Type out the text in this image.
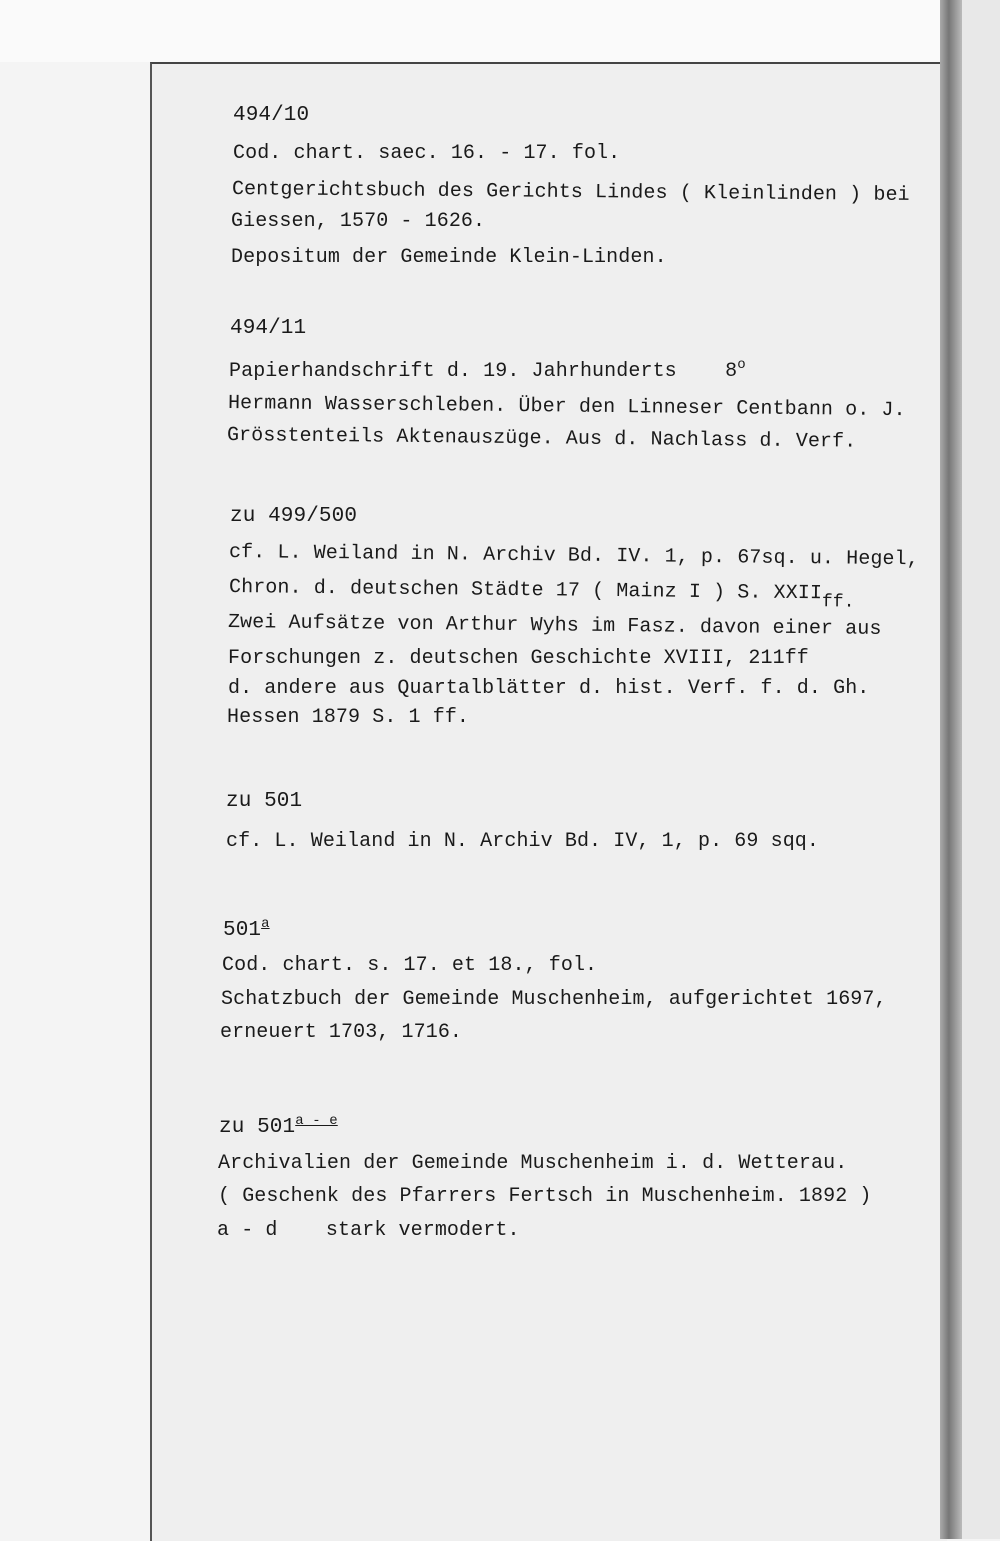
494/10
Cod. chart. saec. 16. - 17. fol.
Centgerichtsbuch des Gerichts Lindes ( Kleinlinden ) bei
Giessen, 1570 - 1626.
Depositum der Gemeinde Klein-Linden.
494/11
Papierhandschrift d. 19. Jahrhunderts    8$^o$
Hermann Wasserschleben. Über den Linneser Centbann o. J.
Grösstenteils Aktenauszüge. Aus d. Nachlass d. Verf.
zu 499/500
cf. L. Weiland in N. Archiv Bd. IV. 1, p. 67sq. u. Hegel,
Chron. d. deutschen Städte 17 ( Mainz I ) S. $XXII_{ff.}$
Zwei Aufsätze von Arthur Wyhs im Fasz. davon einer aus
Forschungen z. deutschen Geschichte XVIII, 211ff
d. andere aus Quartalblätter d. hist. Verf. f. d. Gh.
Hessen 1879 S. 1 ff.
zu 501
cf. L. Weiland in N. Archiv Bd. IV, 1, p. 69 sqq.
501$^a$
Cod. chart. s. 17. et 18., fol.
Schatzbuch der Gemeinde Muschenheim, aufgerichtet 1697,
erneuert 1703, 1716.
zu 501$^{a - e}$
Archivalien der Gemeinde Muschenheim i. d. Wetterau.
( Geschenk des Pfarrers Fertsch in Muschenheim. 1892 )
a - d    stark vermodert.
